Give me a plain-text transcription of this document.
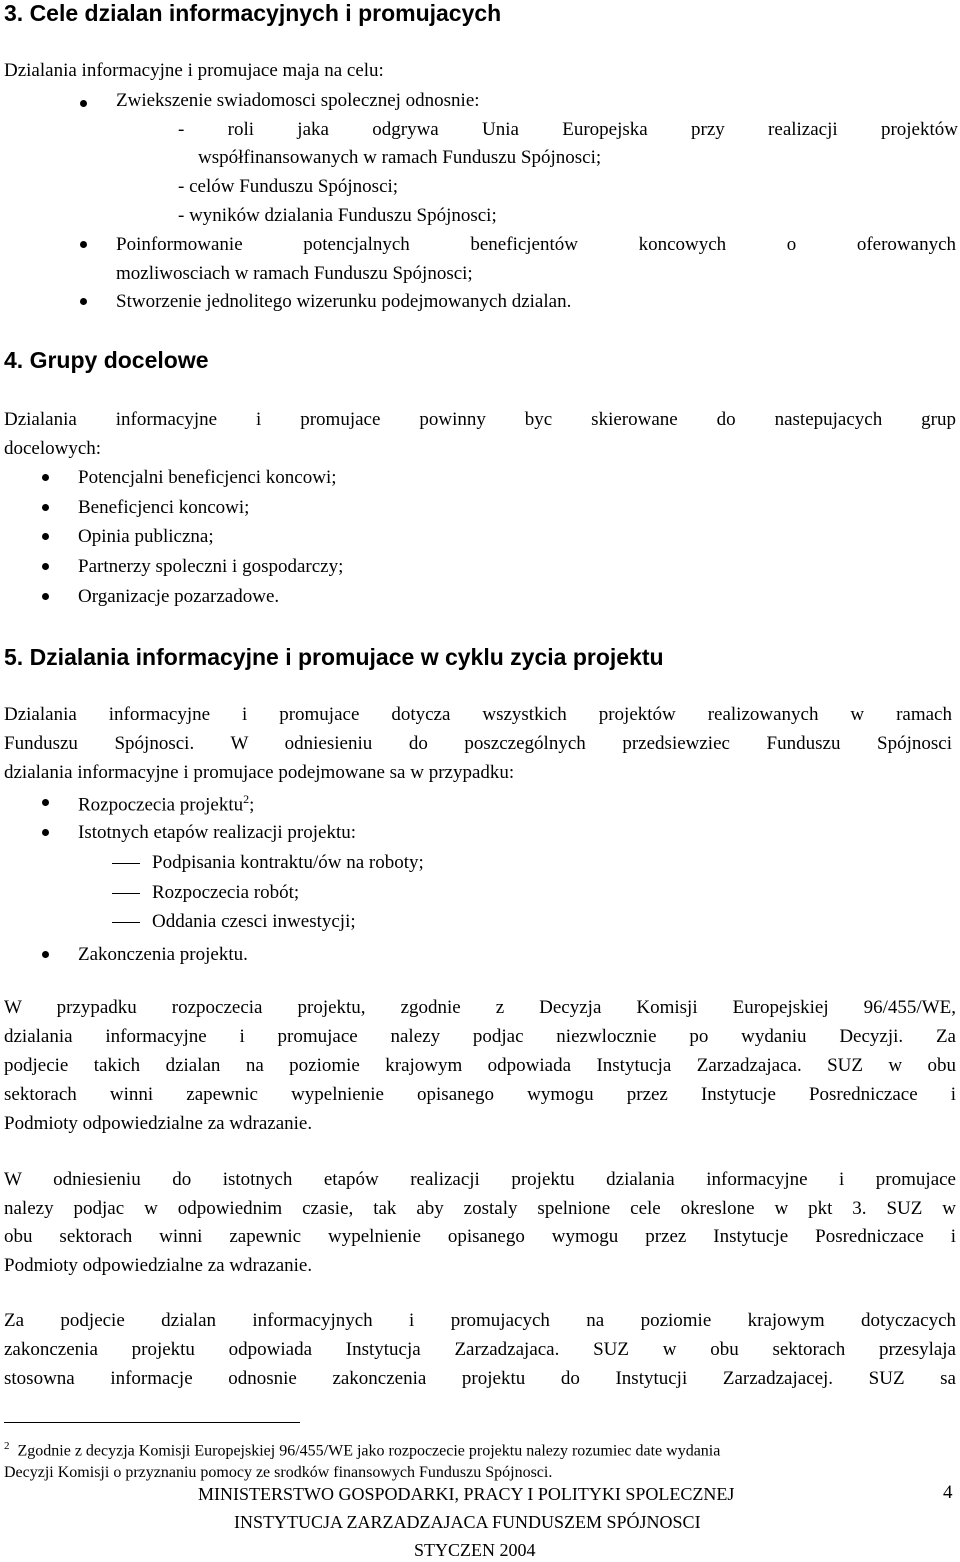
3. Cele dzialan informacyjnych i promujacych

Dzialania informacyjne i promujace maja na celu:

Zwiekszenie swiadomosci spolecznej odnosnie:

- roli jaka odgrywa Unia Europejska przy realizacji projektów

współfinansowanych w ramach Funduszu Spójnosci;

- celów Funduszu Spójnosci;

- wyników dzialania Funduszu Spójnosci;

Poinformowanie potencjalnych beneficjentów koncowych o oferowanych

mozliwosciach w ramach Funduszu Spójnosci;

Stworzenie jednolitego wizerunku podejmowanych dzialan.

4. Grupy docelowe

Dzialania informacyjne i promujace powinny byc skierowane do nastepujacych grup

docelowych:

Potencjalni beneficjenci koncowi;

Beneficjenci koncowi;

Opinia publiczna;

Partnerzy spoleczni i gospodarczy;

Organizacje pozarzadowe.

5. Dzialania informacyjne i promujace w cyklu zycia projektu

Dzialania informacyjne i promujace dotycza wszystkich projektów realizowanych w ramach

Funduszu Spójnosci. W odniesieniu do poszczególnych przedsiewziec Funduszu Spójnosci

dzialania informacyjne i promujace podejmowane sa w przypadku:

Rozpoczecia projektu$^2$;

Istotnych etapów realizacji projektu:

Podpisania kontraktu/ów na roboty;

Rozpoczecia robót;

Oddania czesci inwestycji;

Zakonczenia projektu.

W przypadku rozpoczecia projektu, zgodnie z Decyzja Komisji Europejskiej 96/455/WE,

dzialania informacyjne i promujace nalezy podjac niezwlocznie po wydaniu Decyzji. Za

podjecie takich dzialan na poziomie krajowym odpowiada Instytucja Zarzadzajaca. SUZ w obu

sektorach winni zapewnic wypelnienie opisanego wymogu przez Instytucje Posredniczace i

Podmioty odpowiedzialne za wdrazanie.

W odniesieniu do istotnych etapów realizacji projektu dzialania informacyjne i promujace

nalezy podjac w odpowiednim czasie, tak aby zostaly spelnione cele okreslone w pkt 3. SUZ w

obu sektorach winni zapewnic wypelnienie opisanego wymogu przez Instytucje Posredniczace i

Podmioty odpowiedzialne za wdrazanie.

Za podjecie dzialan informacyjnych i promujacych na poziomie krajowym dotyczacych

zakonczenia projektu odpowiada Instytucja Zarzadzajaca. SUZ w obu sektorach przesylaja

stosowna informacje odnosnie zakonczenia projektu do Instytucji Zarzadzajacej. SUZ sa

$^2$ Zgodnie z decyzja Komisji Europejskiej 96/455/WE jako rozpoczecie projektu nalezy rozumiec date wydania

Decyzji Komisji o przyznaniu pomocy ze srodków finansowych Funduszu Spójnosci.

MINISTERSTWO GOSPODARKI, PRACY I POLITYKI SPOLECZNEJ	4

INSTYTUCJA ZARZADZAJACA FUNDUSZEM SPÓJNOSCI

STYCZEN 2004
